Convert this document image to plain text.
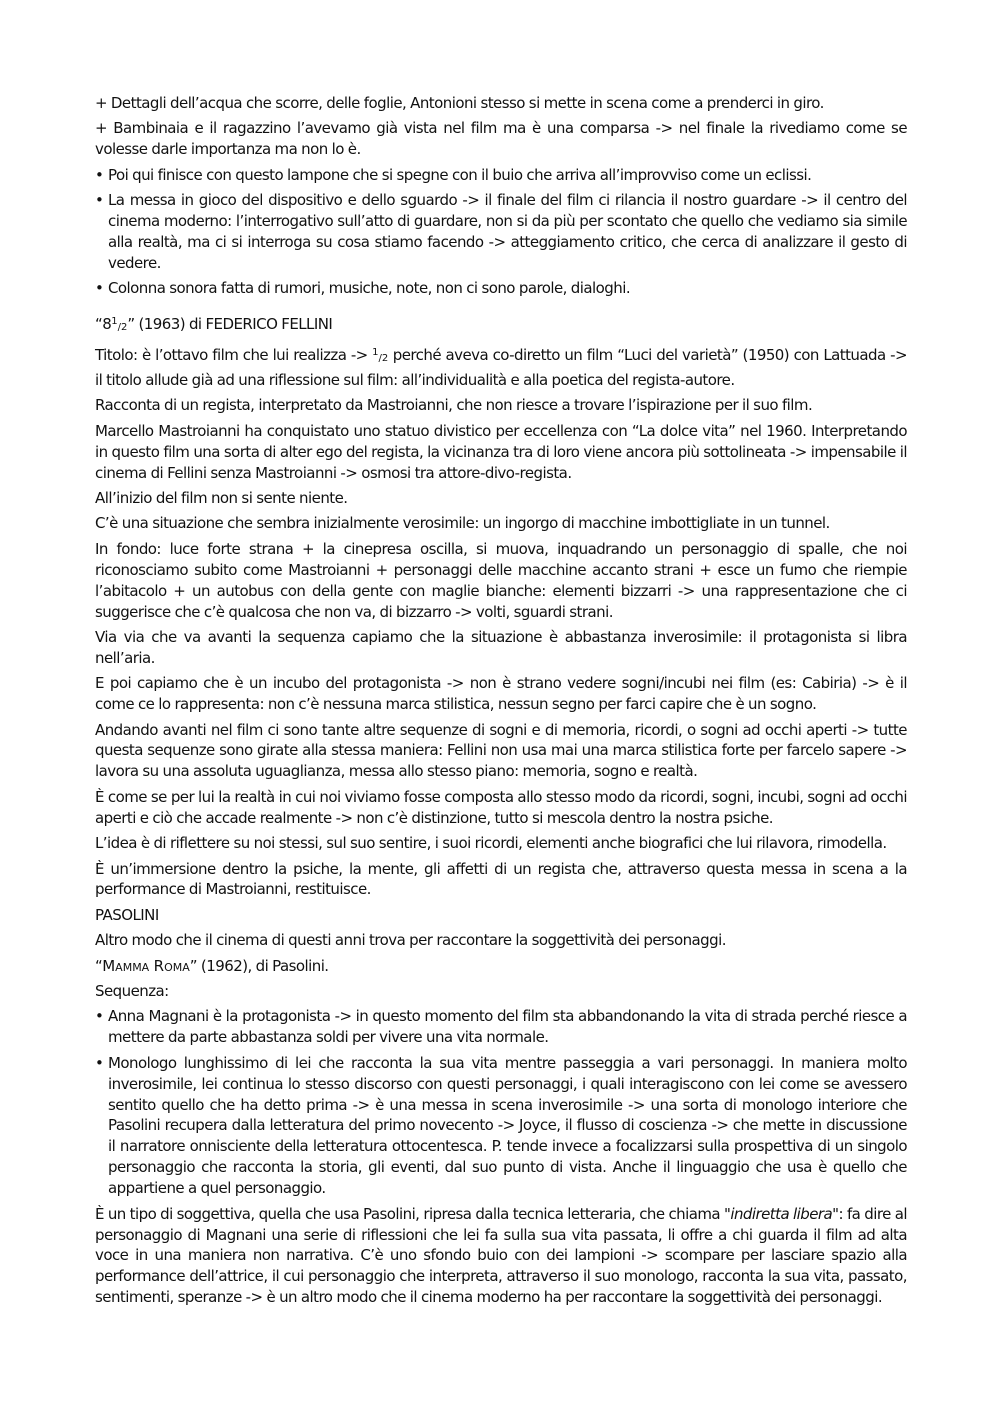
+ Dettagli dell’acqua che scorre, delle foglie, Antonioni stesso si mette in scena come a prenderci in giro.

+ Bambinaia e il ragazzino l’avevamo già vista nel film ma è una comparsa -> nel finale la rivediamo come se volesse darle importanza ma non lo è.

• Poi qui finisce con questo lampone che si spegne con il buio che arriva all’improvviso come un eclissi.
• La messa in gioco del dispositivo e dello sguardo -> il finale del film ci rilancia il nostro guardare -> il centro del cinema moderno: l’interrogativo sull’atto di guardare, non si da più per scontato che quello che vediamo sia simile alla realtà, ma ci si interroga su cosa stiamo facendo -> atteggiamento critico, che cerca di analizzare il gesto di vedere.
• Colonna sonora fatta di rumori, musiche, note, non ci sono parole, dialoghi.

“$8^1/2$” (1963) di FEDERICO FELLINI

Titolo: è l’ottavo film che lui realizza -> $^1$/2 perché aveva co-diretto un film “Luci del varietà” (1950) con Lattuada -> il titolo allude già ad una riflessione sul film: all’individualità e alla poetica del regista-autore.

Racconta di un regista, interpretato da Mastroianni, che non riesce a trovare l’ispirazione per il suo film.

Marcello Mastroianni ha conquistato uno statuo divistico per eccellenza con “La dolce vita” nel 1960. Interpretando in questo film una sorta di alter ego del regista, la vicinanza tra di loro viene ancora più sottolineata -> impensabile il cinema di Fellini senza Mastroianni -> osmosi tra attore-divo-regista.

All’inizio del film non si sente niente.

C’è una situazione che sembra inizialmente verosimile: un ingorgo di macchine imbottigliate in un tunnel.

In fondo: luce forte strana + la cinepresa oscilla, si muova, inquadrando un personaggio di spalle, che noi riconosciamo subito come Mastroianni + personaggi delle macchine accanto strani + esce un fumo che riempie l’abitacolo + un autobus con della gente con maglie bianche: elementi bizzarri -> una rappresentazione che ci suggerisce che c’è qualcosa che non va, di bizzarro -> volti, sguardi strani.

Via via che va avanti la sequenza capiamo che la situazione è abbastanza inverosimile: il protagonista si libra nell’aria.

E poi capiamo che è un incubo del protagonista -> non è strano vedere sogni/incubi nei film (es: Cabiria) -> è il come ce lo rappresenta: non c’è nessuna marca stilistica, nessun segno per farci capire che è un sogno.

Andando avanti nel film ci sono tante altre sequenze di sogni e di memoria, ricordi, o sogni ad occhi aperti -> tutte questa sequenze sono girate alla stessa maniera: Fellini non usa mai una marca stilistica forte per farcelo sapere -> lavora su una assoluta uguaglianza, messa allo stesso piano: memoria, sogno e realtà.

È come se per lui la realtà in cui noi viviamo fosse composta allo stesso modo da ricordi, sogni, incubi, sogni ad occhi aperti e ciò che accade realmente -> non c’è distinzione, tutto si mescola dentro la nostra psiche.

L’idea è di riflettere su noi stessi, sul suo sentire, i suoi ricordi, elementi anche biografici che lui rilavora, rimodella.

È un’immersione dentro la psiche, la mente, gli affetti di un regista che, attraverso questa messa in scena a la performance di Mastroianni, restituisce.

PASOLINI

Altro modo che il cinema di questi anni trova per raccontare la soggettività dei personaggi.

“Mamma Roma” (1962), di Pasolini.

Sequenza:

• Anna Magnani è la protagonista -> in questo momento del film sta abbandonando la vita di strada perché riesce a mettere da parte abbastanza soldi per vivere una vita normale.
• Monologo lunghissimo di lei che racconta la sua vita mentre passeggia a vari personaggi. In maniera molto inverosimile, lei continua lo stesso discorso con questi personaggi, i quali interagiscono con lei come se avessero sentito quello che ha detto prima -> è una messa in scena inverosimile -> una sorta di monologo interiore che Pasolini recupera dalla letteratura del primo novecento -> Joyce, il flusso di coscienza -> che mette in discussione il narratore onnisciente della letteratura ottocentesca. P. tende invece a focalizzarsi sulla prospettiva di un singolo personaggio che racconta la storia, gli eventi, dal suo punto di vista. Anche il linguaggio che usa è quello che appartiene a quel personaggio.

È un tipo di soggettiva, quella che usa Pasolini, ripresa dalla tecnica letteraria, che chiama "indiretta libera": fa dire al personaggio di Magnani una serie di riflessioni che lei fa sulla sua vita passata, li offre a chi guarda il film ad alta voce in una maniera non narrativa. C’è uno sfondo buio con dei lampioni -> scompare per lasciare spazio alla performance dell’attrice, il cui personaggio che interpreta, attraverso il suo monologo, racconta la sua vita, passato, sentimenti, speranze -> è un altro modo che il cinema moderno ha per raccontare la soggettività dei personaggi.
